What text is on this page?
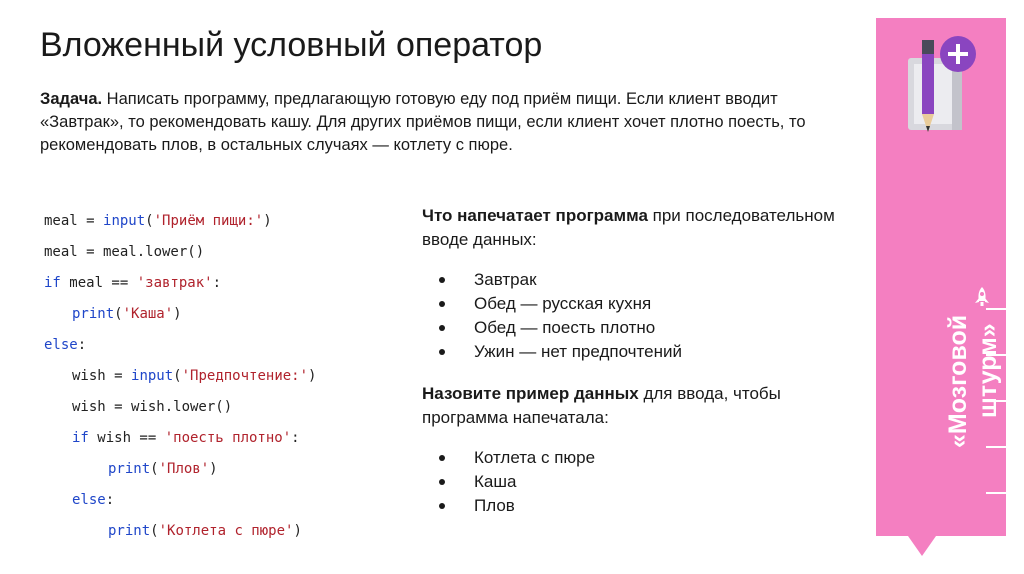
Вложенный условный оператор
Задача. Написать программу, предлагающую готовую еду под приём пищи. Если клиент вводит «Завтрак», то рекомендовать кашу. Для других приёмов пищи, если клиент хочет плотно поесть, то рекомендовать плов, в остальных случаях — котлету с пюре.
meal = input('Приём пищи:')
meal = meal.lower()
if meal == 'завтрак':
print('Каша')
else:
wish = input('Предпочтение:')
wish = wish.lower()
if wish == 'поесть плотно':
print('Плов')
else:
print('Котлета с пюре')
Что напечатает программа при последовательном вводе данных:
Завтрак
Обед — русская кухня
Обед — поесть плотно
Ужин — нет предпочтений
Назовите пример данных для ввода, чтобы программа напечатала:
Котлета с пюре
Каша
Плов
«Мозговой штурм»
